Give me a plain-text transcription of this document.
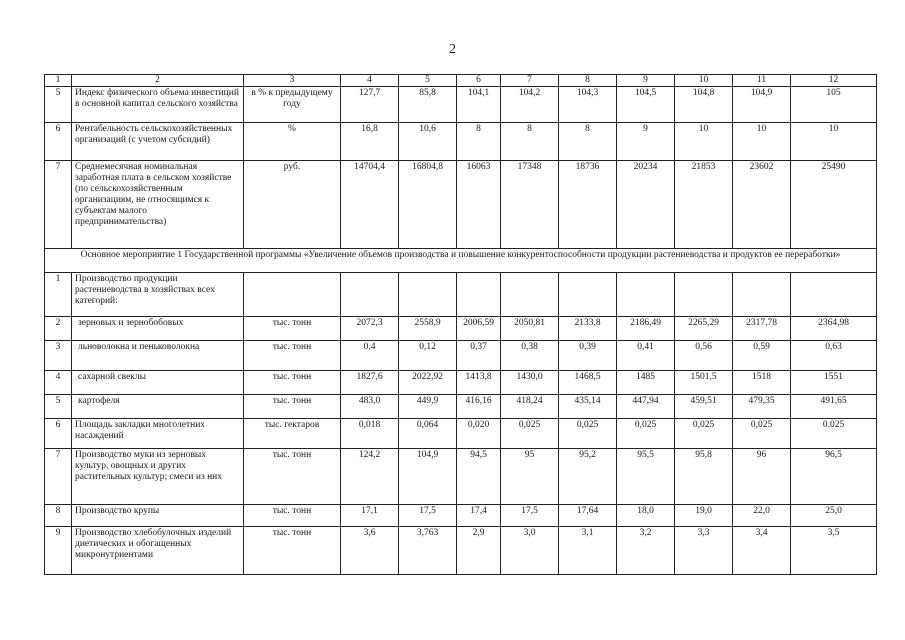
2
1	2	3	4	5	6	7	8	9	10	11	12
5	Индекс физического объема инвестиций в основной капитал сельского хозяйства	в % к предыдущему году	127,7	85,8	104,1	104,2	104,3	104,5	104,8	104,9	105
6	Рентабельность сельскохозяйственных организаций (с учетом субсидий)	%	16,8	10,6	8	8	8	9	10	10	10
7	Среднемесячная номинальная заработная плата в сельском хозяйстве (по сельскохозяйственным организациям, не относящимся к субъектам малого предпринимательства)	руб.	14704,4	16804,8	16063	17348	18736	20234	21853	23602	25490
Основное мероприятие 1 Государственной программы «Увеличение объемов производства и повышение конкурентоспособности продукции растениеводства и продуктов ее переработки»											
1	Производство продукции растениеводства в хозяйствах всех категорий:										
2	зерновых и зернобобовых	тыс. тонн	2072,3	2558,9	2006,59	2050,81	2133,8	2186,49	2265,29	2317,78	2364,98
3	льноволокна и пеньковолокна	тыс. тонн	0,4	0,12	0,37	0,38	0,39	0,41	0,56	0,59	0,63
4	сахарной свеклы	тыс. тонн	1827,6	2022,92	1413,8	1430,0	1468,5	1485	1501,5	1518	1551
5	картофеля	тыс. тонн	483,0	449,9	416,16	418,24	435,14	447,94	459,51	479,35	491,65
6	Площадь закладки многолетних насаждений	тыс. гектаров	0,018	0,064	0,020	0,025	0,025	0,025	0,025	0,025	0.025
7	Производство муки из зерновых культур, овощных и других растительных культур; смеси из них	тыс. тонн	124,2	104,9	94,5	95	95,2	95,5	95,8	96	96,5
8	Производство крупы	тыс. тонн	17,1	17,5	17,4	17,5	17,64	18,0	19,0	22,0	25,0
9	Производство хлебобулочных изделий диетических и обогащенных микронутриентами	тыс. тонн	3,6	3,763	2,9	3,0	3,1	3,2	3,3	3,4	3,5
